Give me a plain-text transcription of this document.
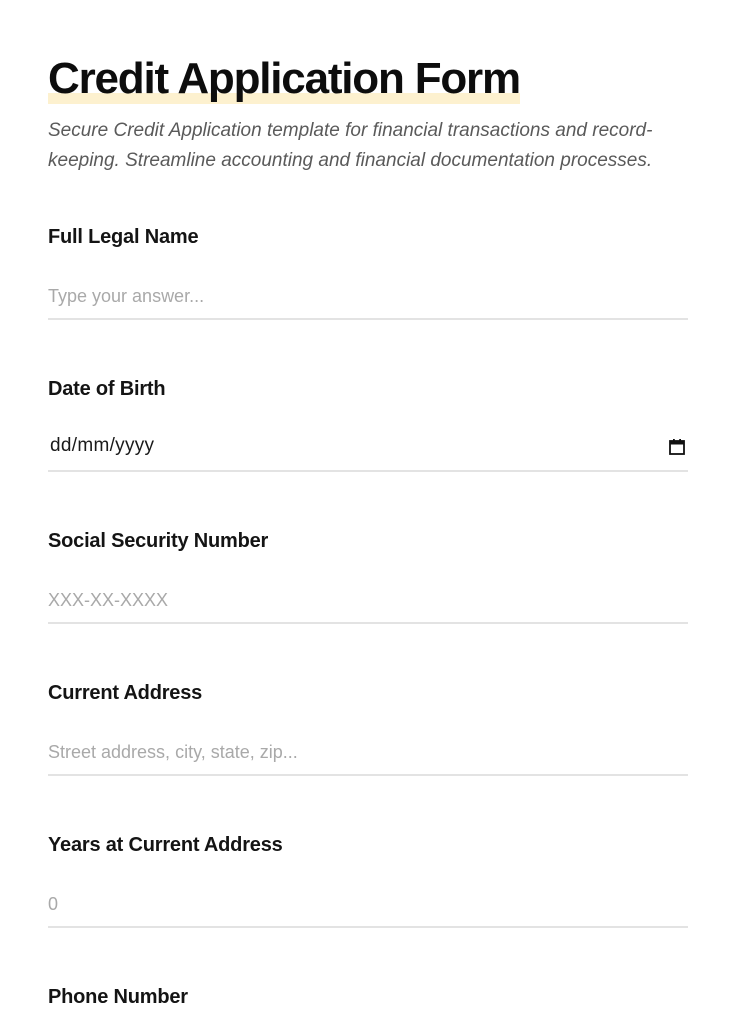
Credit Application Form

Secure Credit Application template for financial transactions and record-keeping. Streamline accounting and financial documentation processes.

Full Legal Name
Type your answer...
Date of Birth
dd/mm/yyyy
Social Security Number
XXX-XX-XXXX
Current Address
Street address, city, state, zip...
Years at Current Address
0
Phone Number
